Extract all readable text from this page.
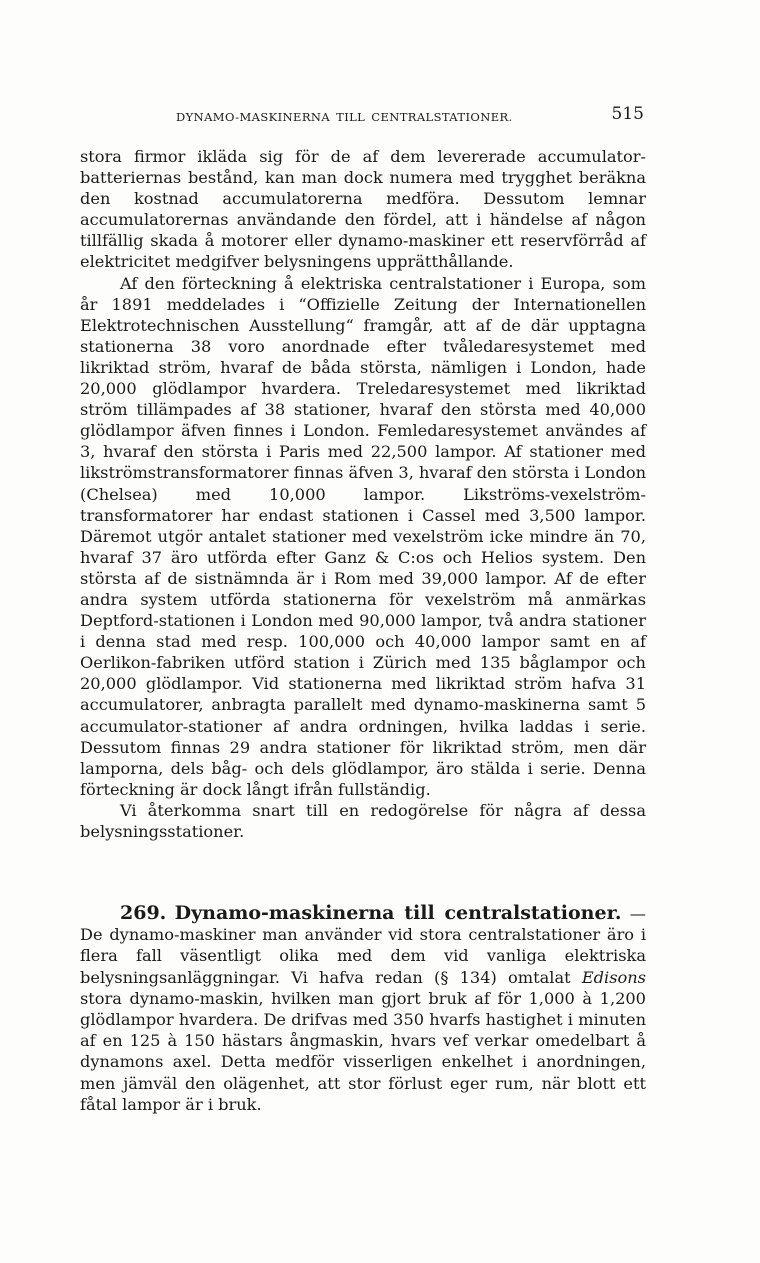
DYNAMO-MASKINERNA TILL CENTRALSTATIONER.	515

stora firmor ikläda sig för de af dem levererade accumulator-batteriernas bestånd, kan man dock numera med trygghet beräkna den kostnad accumulatorerna medföra. Dessutom lemnar accumulatorernas användande den fördel, att i händelse af någon tillfällig skada å motorer eller dynamo-maskiner ett reservförråd af elektricitet medgifver belysningens upprätthållande.

Af den förteckning å elektriska centralstationer i Europa, som år 1891 meddelades i “Offizielle Zeitung der Internationellen Elektrotechnischen Ausstellung“ framgår, att af de där upptagna stationerna 38 voro anordnade efter tvåledaresystemet med likriktad ström, hvaraf de båda största, nämligen i London, hade 20,000 glödlampor hvardera. Treledaresystemet med likriktad ström tillämpades af 38 stationer, hvaraf den största med 40,000 glödlampor äfven finnes i London. Femledaresystemet användes af 3, hvaraf den största i Paris med 22,500 lampor. Af stationer med likströmstransformatorer finnas äfven 3, hvaraf den största i London (Chelsea) med 10,000 lampor. Likströms-vexelström-transformatorer har endast stationen i Cassel med 3,500 lampor. Däremot utgör antalet stationer med vexelström icke mindre än 70, hvaraf 37 äro utförda efter Ganz & C:os och Helios system. Den största af de sistnämnda är i Rom med 39,000 lampor. Af de efter andra system utförda stationerna för vexelström må anmärkas Deptford-stationen i London med 90,000 lampor, två andra stationer i denna stad med resp. 100,000 och 40,000 lampor samt en af Oerlikon-fabriken utförd station i Zürich med 135 båglampor och 20,000 glödlampor. Vid stationerna med likriktad ström hafva 31 accumulatorer, anbragta parallelt med dynamo-maskinerna samt 5 accumulator-stationer af andra ordningen, hvilka laddas i serie. Dessutom finnas 29 andra stationer för likriktad ström, men där lamporna, dels båg- och dels glödlampor, äro stälda i serie. Denna förteckning är dock långt ifrån fullständig.

Vi återkomma snart till en redogörelse för några af dessa belysningsstationer.

269. Dynamo-maskinerna till centralstationer. — De dynamo-maskiner man använder vid stora centralstationer äro i flera fall väsentligt olika med dem vid vanliga elektriska belysningsanläggningar. Vi hafva redan (§ 134) omtalat Edisons stora dynamo-maskin, hvilken man gjort bruk af för 1,000 à 1,200 glödlampor hvardera. De drifvas med 350 hvarfs hastighet i minuten af en 125 à 150 hästars ångmaskin, hvars vef verkar omedelbart å dynamons axel. Detta medför visserligen enkelhet i anordningen, men jämväl den olägenhet, att stor förlust eger rum, när blott ett fåtal lampor är i bruk.
